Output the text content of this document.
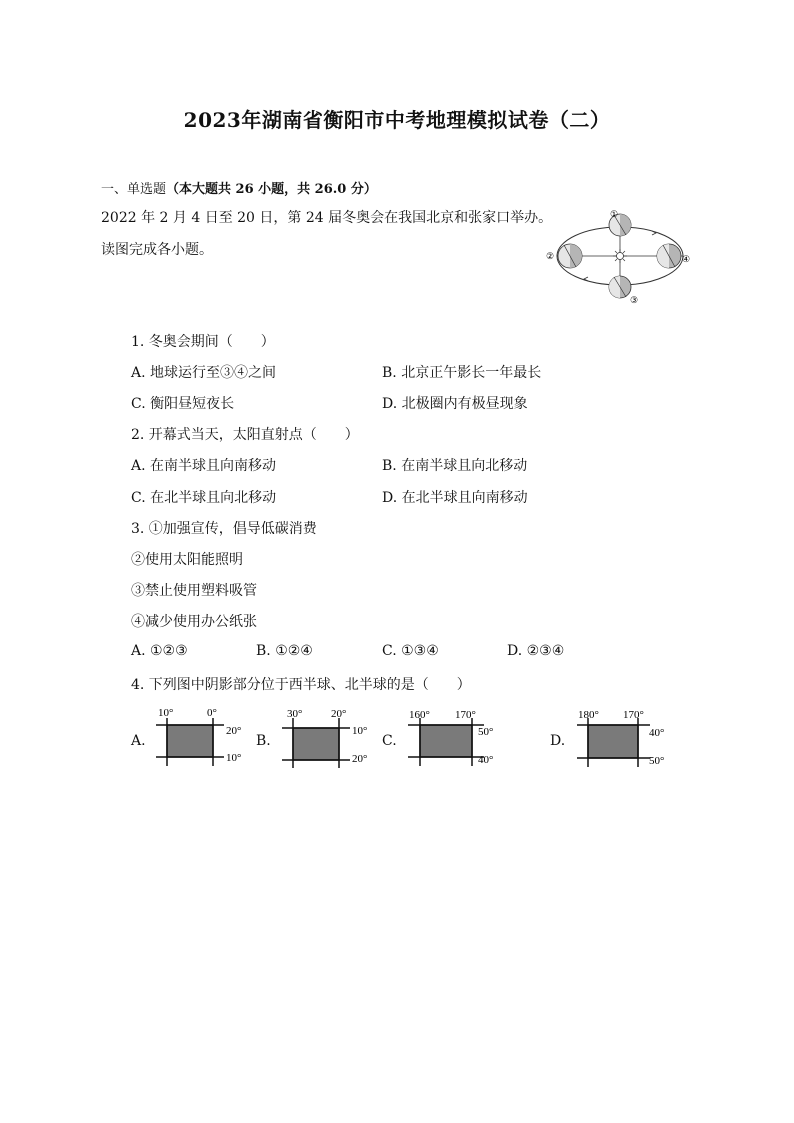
2023年湖南省衡阳市中考地理模拟试卷（二）
一、单选题（本大题共 26 小题，共 26.0 分）
2022 年 2 月 4 日至 20 日，第 24 届冬奥会在我国北京和张家口举办。
读图完成各小题。
①
②
③
④
1. 冬奥会期间（　　）
A. 地球运行至③④之间	B. 北京正午影长一年最长
C. 衡阳昼短夜长	D. 北极圈内有极昼现象
2. 开幕式当天，太阳直射点（　　）
A. 在南半球且向南移动	B. 在南半球且向北移动
C. 在北半球且向北移动	D. 在北半球且向南移动
3. ①加强宣传，倡导低碳消费
②使用太阳能照明
③禁止使用塑料吸管
④减少使用办公纸张
A. ①②③	B. ①②④	C. ①③④	D. ②③④
4. 下列图中阴影部分位于西半球、北半球的是（　　）
A.	B.	C.	D.
10°	0°
20°
10°
30°	20°
10°
20°
160° 170°
50°
40°
180° 170°
40°
50°
